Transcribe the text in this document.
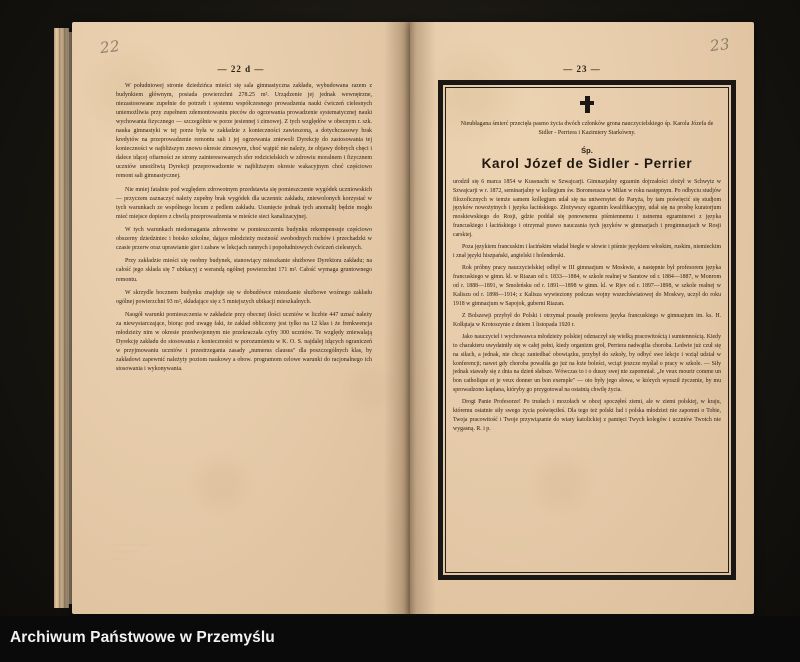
22
— 22 d —

W południowej stronie dziedzińca mieści się sala gimnastyczna zakładu, wybudowana razem z budynkiem głównym, posiada powierzchni 278.25 m². Urządzenie jej jednak wewnętrzne, niezastosowane zupełnie do potrzeb i systemu współczesnego prowadzenia nauki ćwiczeń cielesnych uniemożliwia przy zupełnem zdemontowaniu pieców do ogrzewania prowadzenie systematycznej nauki wychowania fizycznego — szczególnie w porze jesiennej i zimowej. Z tych względów w obecnym r. szk. nauka gimnastyki w tej porze była w zakładzie z konieczności zawieszoną, a dotychczasowy brak kredytów na przeprowadzenie remontu sali i jej ogrzewania zniewoli Dyrekcję do zastosowania tej konieczności w najbliższym znowu okresie zimowym, choć wątpić nie należy, że objawy dobrych chęci i dalece idącej ofiarności ze strony zainteresowanych sfer rodzicielskich w zdrowiu moralnem i fizycznem uczniów umożliwią Dyrekcji przeprowadzenie w najbliższym okresie wakacyjnym choć częściowo remont sali gimnastycznej.

Nie mniej fatalnie pod względem zdrowotnym przedstawia się pomieszczenie wygódek uczniowskich — przyczem zaznaczyć należy zupełny brak wygódek dla uczennic zakładu, zniewolonych korzystać w tych warunkach ze wspólnego locum z pedlem zakładu. Usunięcie jednak tych anomalij będzie mogło mieć miejsce dopiero z chwilą przeprowadzenia w mieście sieci kanalizacyjnej.

W tych warunkach niedomagania zdrowotne w pomieszczeniu budynku rekompensuje częściowo obszerny dziedziniec i boisko szkolne, dające młodzieży możność swobodnych ruchów i przechadzki w czasie przerw oraz uprawianie gier i zabaw w lekcjach rannych i popołudniowych ćwiczeń cielesnych.

Przy zakładzie mieści się osobny budynek, stanowiący mieszkanie służbowe Dyrektora zakładu; na całość jego składa się 7 ubikacyj z werandą ogólnej powierzchni 171 m². Całość wymaga gruntownego remontu.

W skrzydle bocznem budynku znajduje się w dobudówce mieszkanie służbowe woźnego zakładu ogólnej powierzchni 93 m², składające się z 5 mniejszych ubikacji mieszkalnych.

Naogół warunki pomieszczenia w zakładzie przy obecnej ilości uczniów w liczbie 447 uznać należy za niewystarczające, biorąc pod uwagę fakt, że zakład obliczony jest tylko na 12 klas i że frenkwencja młodzieży nim w okresie przedwojennym nie przekraczała cyfry 300 uczniów. Te względy zniewalają Dyrekcję zakładu do stosowania z konieczności w porozumieniu w K. O. S. najdalej idących ograniczeń w przyjmowaniu uczniów i przestrzegania zasady „numerus clausus" dla poszczególnych klas, by zakładowi zapewnić należyty poziom naukowy a obow. programom celowe warunki do racjonalnego ich stosowania i wykonywania.

····· ········ ·· ·····
·· ········ ·····
····· ···
23
— 23 —
Nieubłagana śmierć przecięła pasmo życia dwóch członków grona nauczycielskiego śp. Karola Józefa de Sidler - Perriera i Kazimiery Starkówny.
Śp.
Karol Józef de Sidler - Perrier

urodził się 6 marca 1854 w Kussnacht w Szwajcarji. Gimnazjalny egzamin dojrzałości złożył w Schwytz w Szwajcarji w r. 1872, seminarjalny w kollegjum św. Boromeusza w Milan w roku następnym. Po odbyciu studjów filozoficznych w temże samem kollegjum udał się na uniwersytet do Paryża, by tam poświęcić się studjom języków nowożytnych i języka łacińskiego. Złożywszy egzamin kwalifikacyjny, udał się na prośbę kuratorjum moskiewskiego do Rosji, gdzie poddał się ponownemu piśmiennemu i ustnemu egzaminowi z języka francuskiego i łacińskiego i otrzymał prawo nauczania tych języków w gimnazjach i progimnazjach w Rosji carskiej.

Poza językiem francuskim i łacińskim władał biegle w słowie i piśmie językiem włoskim, ruskim, niemieckim i znał języki hiszpański, angielski i holenderski.

Rok próbny pracy nauczycielskiej odbył w III gimnazjum w Moskwie, a następnie był profesorem języka francuskiego w gimn. kl. w Riazan od r. 1833—1884, w szkole realnej w Saratow od r. 1884—1887, w Monrom od r. 1888—1891, w Smoleńsku od r. 1891—1898 w gimn. kl. w Rjev od r. 1897—1898, w szkole realnej w Kaliszu od r. 1898—1914; z Kalisza wywieziony podczas wojny wszechświatowej do Moskwy, uczył do roku 1918 w gimnazjum w Sapojok, guberni Riazan.

Z Bolszewji przybył do Polski i otrzymał posadę profesora języka francuskiego w gimnazjum im. ks. H. Kołłątaja w Krotoszynie z dniem 1 listopada 1920 r.

Jako nauczyciel i wychowawca młodzieży polskiej odznaczył się wielką pracowitością i sumiennością. Kiedy to charakteru uwydatniły się w całej pełni, kiedy organizm groł, Perriera nadwątlia choroba. Ledwie już czuł się na siłach, a jednak, nie chcąc zaniedbać obowiązku, przybył do szkoły, by odbyć swe lekcje i wziął udział w konferencji; nawet gdy choroba powaliła go już na łoże boleści, wciąż jeszcze myślał o pracy w szkole. — Siły jednak stawały się z dnia na dzień słabsze. Wówczas to i o duszy swej nie zapomniał. „Je veux mourir comme un bon catholique et je veux donner un bon exemple" — oto były jego słowa, w których wyraził życzenie, by mu sprowadzono kapłana, któryby go przygotował na ostatnią chwilę życia.

Drogi Panie Profesorze! Po trudach i mozołach w obcej spoczęłeś ziemi, ale w ziemi polskiej, w kraju, któremu ostatnie siły swego życia poświęciłeś. Dla tego też polski lud i polska młodzież nie zapomni o Tobie, Twoja pracowitość i Twoje przywiązanie do wiary katolickiej z pamięci Twych kolegów i uczniów Twoich nie wygasną. R. i p.

Archiwum Państwowe w Przemyślu
